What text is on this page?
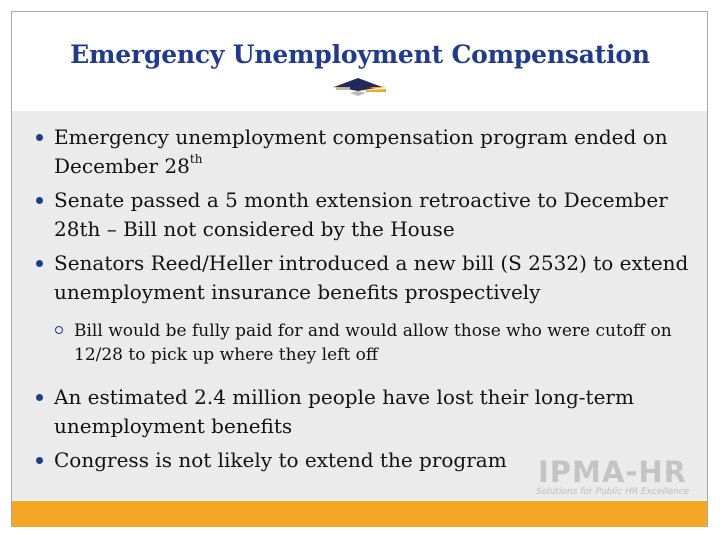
Emergency Unemployment Compensation
Emergency unemployment compensation program ended on December 28th
Senate passed a 5 month extension retroactive to December 28th – Bill not considered by the House
Senators Reed/Heller introduced a new bill (S 2532) to extend unemployment insurance benefits prospectively
Bill would be fully paid for and would allow those who were cutoff on 12/28 to pick up where they left off
An estimated 2.4 million people have lost their long-term unemployment benefits
Congress is not likely to extend the program	IPMA-HR
Solutions for Public HR Excellence
